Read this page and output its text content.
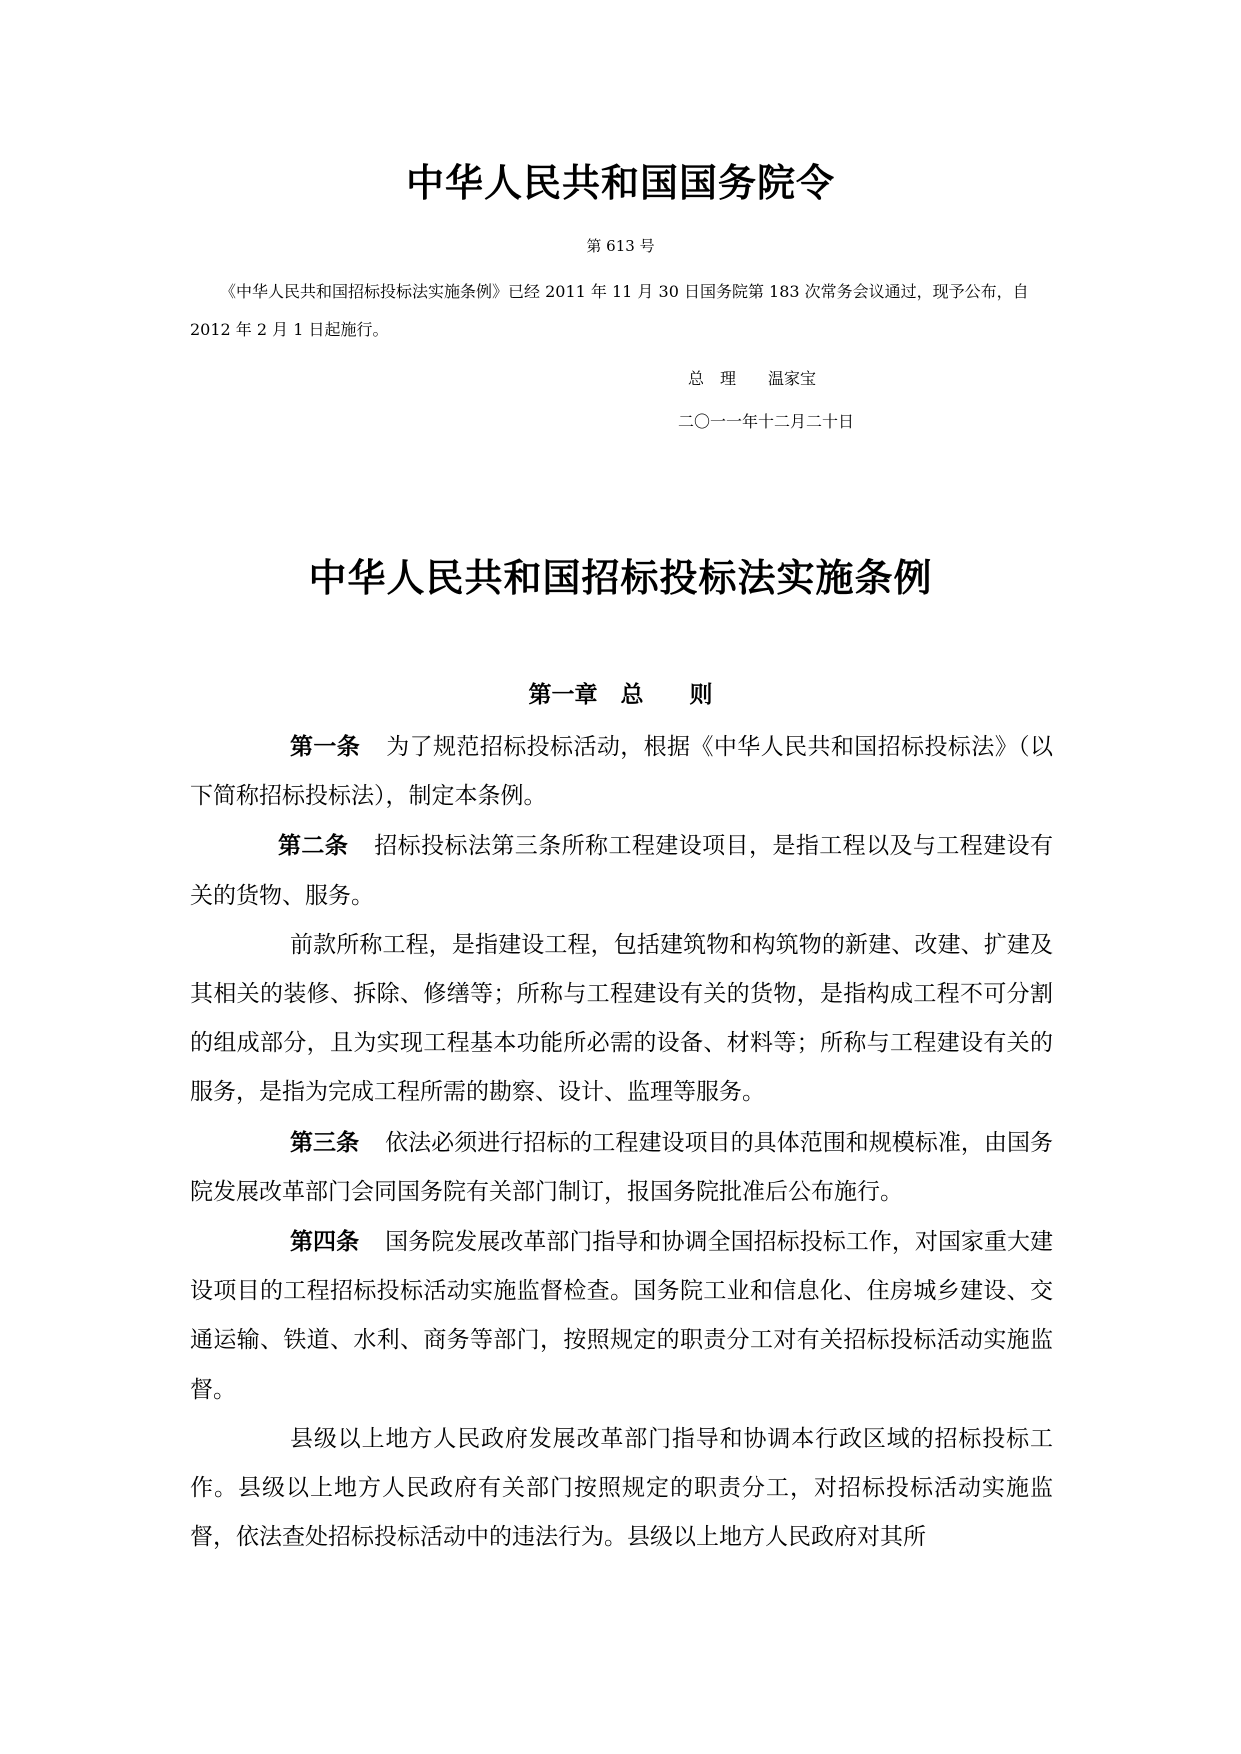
中华人民共和国国务院令
第 613 号

《中华人民共和国招标投标法实施条例》已经 2011 年 11 月 30 日国务院第 183 次常务会议通过，现予公布，自 2012 年 2 月 1 日起施行。

总　理　　温家宝
二〇一一年十二月二十日
中华人民共和国招标投标法实施条例
第一章　总　　则

第一条 为了规范招标投标活动，根据《中华人民共和国招标投标法》（以下简称招标投标法），制定本条例。

第二条 招标投标法第三条所称工程建设项目，是指工程以及与工程建设有关的货物、服务。

前款所称工程，是指建设工程，包括建筑物和构筑物的新建、改建、扩建及其相关的装修、拆除、修缮等；所称与工程建设有关的货物，是指构成工程不可分割的组成部分，且为实现工程基本功能所必需的设备、材料等；所称与工程建设有关的服务，是指为完成工程所需的勘察、设计、监理等服务。

第三条 依法必须进行招标的工程建设项目的具体范围和规模标准，由国务院发展改革部门会同国务院有关部门制订，报国务院批准后公布施行。

第四条 国务院发展改革部门指导和协调全国招标投标工作，对国家重大建设项目的工程招标投标活动实施监督检查。国务院工业和信息化、住房城乡建设、交通运输、铁道、水利、商务等部门，按照规定的职责分工对有关招标投标活动实施监督。

县级以上地方人民政府发展改革部门指导和协调本行政区域的招标投标工作。县级以上地方人民政府有关部门按照规定的职责分工，对招标投标活动实施监督，依法查处招标投标活动中的违法行为。县级以上地方人民政府对其所
